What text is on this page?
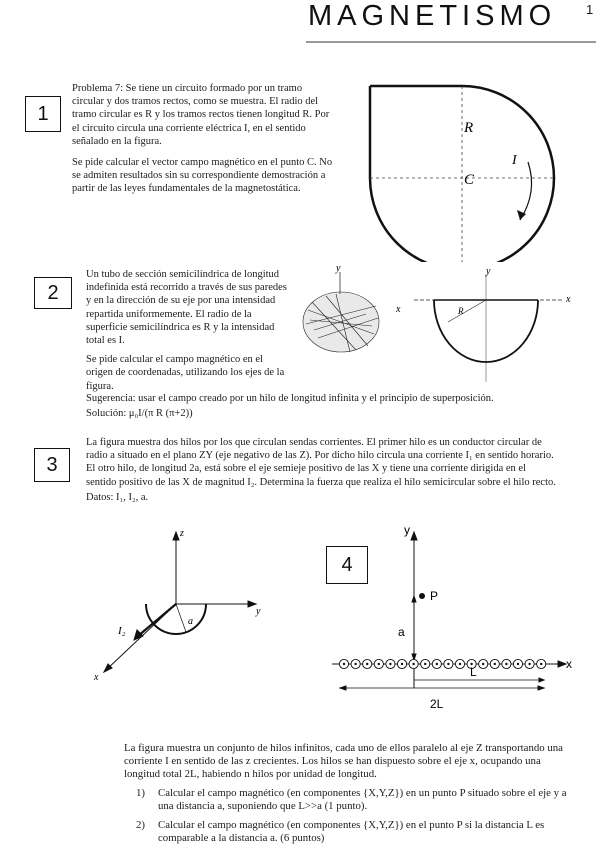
MAGNETISMO 1
1

Problema 7: Se tiene un circuito formado por un tramo circular y dos tramos rectos, como se muestra. El radio del tramo circular es R y los tramos rectos tienen longitud R. Por el circuito circula una corriente eléctrica I, en el sentido señalado en la figura.

Se pide calcular el vector campo magnético en el punto C. No se admiten resultados sin su correspondiente demostración a partir de las leyes fundamentales de la magnetostática.

R
C
I
2

Un tubo de sección semicilíndrica de longitud indefinida está recorrido a través de sus paredes y en la dirección de su eje por una intensidad repartida uniformemente. El radio de la superficie semicilíndrica es R y la intensidad total es I.

Se pide calcular el campo magnético en el origen de coordenadas, utilizando los ejes de la figura.

Sugerencia: usar el campo creado por un hilo de longitud infinita y el principio de superposición.

Solución: μ₀I/(π R (π+2))

y
x
y
x
R
3

La figura muestra dos hilos por los que circulan sendas corrientes. El primer hilo es un conductor circular de radio a situado en el plano ZY (eje negativo de las Z). Por dicho hilo circula una corriente I₁ en sentido horario. El otro hilo, de longitud 2a, está sobre el eje semieje positivo de las X y tiene una corriente dirigida en el sentido positivo de las X de magnitud I₂. Determina la fuerza que realiza el hilo semicircular sobre el hilo recto.

Datos: I₁, I₂, a.

z
y
x
I₂
a
4
y
x
P
a
L
2L

La figura muestra un conjunto de hilos infinitos, cada uno de ellos paralelo al eje Z transportando una corriente I en sentido de las z crecientes. Los hilos se han dispuesto sobre el eje x, ocupando una longitud total 2L, habiendo n hilos por unidad de longitud.

1) Calcular el campo magnético (en componentes {X,Y,Z}) en un punto P situado sobre el eje y a una distancia a, suponiendo que L>>a (1 punto).
2) Calcular el campo magnético (en componentes {X,Y,Z}) en el punto P si la distancia L es comparable a la distancia a. (6 puntos)
